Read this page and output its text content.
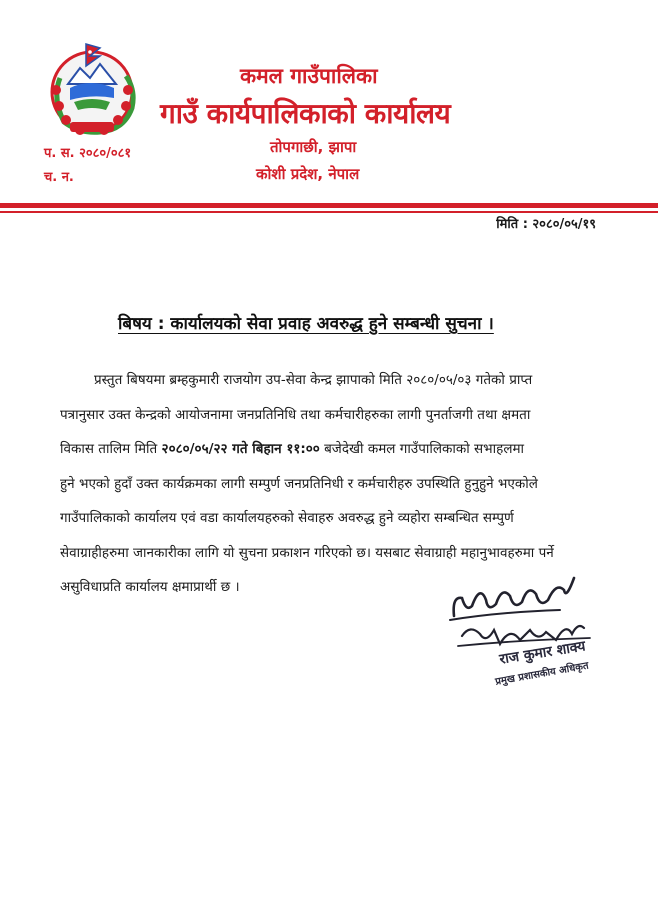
कमल गाउँपालिका
गाउँ कार्यपालिकाको कार्यालय
तोपगाछी, झापा
कोशी प्रदेश, नेपाल
प. स. २०८०/०८१
च. न.
मिति : २०८०/०५/१९
बिषय : कार्यालयको सेवा प्रवाह अवरुद्ध हुने सम्बन्धी सुचना ।
प्रस्तुत बिषयमा ब्रम्हकुमारी राजयोग उप-सेवा केन्द्र झापाको मिति २०८०/०५/०३ गतेको प्राप्त
पत्रानुसार उक्त केन्द्रको आयोजनामा जनप्रतिनिधि तथा कर्मचारीहरुका लागी पुनर्ताजगी तथा क्षमता
विकास तालिम मिति २०८०/०५/२२ गते बिहान ११:०० बजेदेखी कमल गाउँपालिकाको सभाहलमा
हुने भएको हुदाँ उक्त कार्यक्रमका लागी सम्पुर्ण जनप्रतिनिधी र कर्मचारीहरु उपस्थिति हुनुहुने भएकोले
गाउँपालिकाको कार्यालय एवं वडा कार्यालयहरुको सेवाहरु अवरुद्ध हुने व्यहोरा सम्बन्धित सम्पुर्ण
सेवाग्राहीहरुमा जानकारीका लागि यो सुचना प्रकाशन गरिएको छ। यसबाट सेवाग्राही महानुभावहरुमा पर्ने
असुविधाप्रति कार्यालय क्षमाप्रार्थी छ ।
राज कुमार शाक्य
प्रमुख प्रशासकीय अधिकृत
